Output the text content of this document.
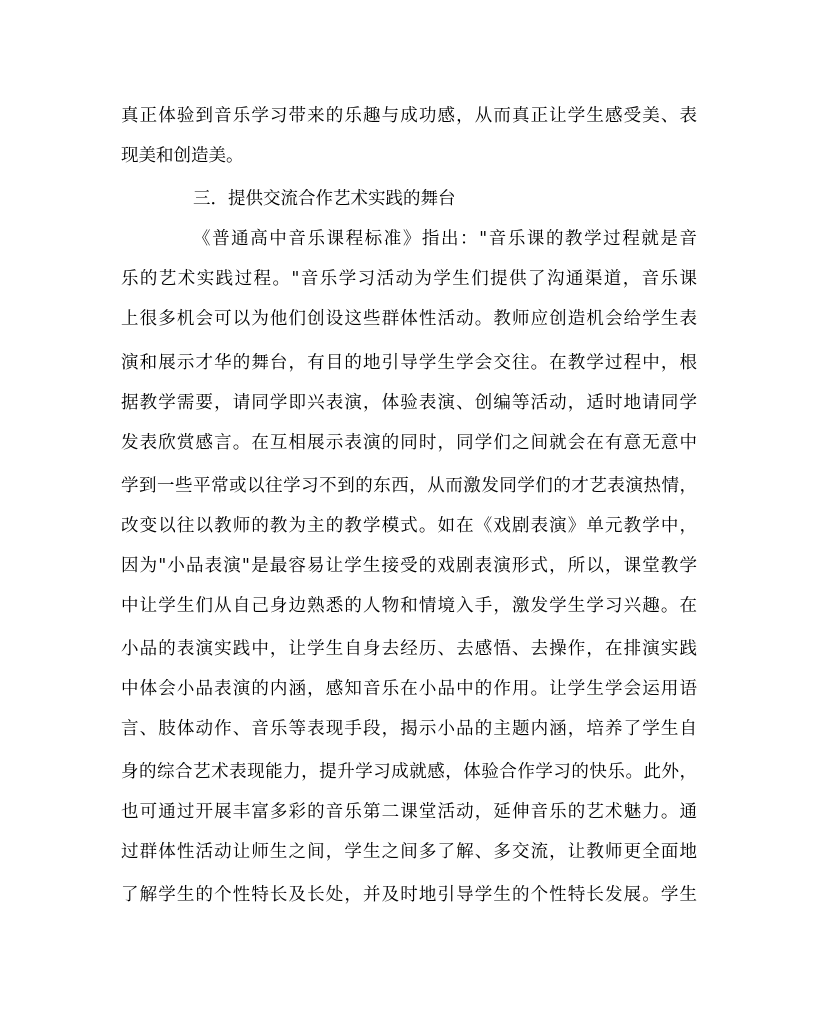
真正体验到音乐学习带来的乐趣与成功感，从而真正让学生感受美、表
现美和创造美。
三．提供交流合作艺术实践的舞台
《普通高中音乐课程标准》指出："音乐课的教学过程就是音
乐的艺术实践过程。"音乐学习活动为学生们提供了沟通渠道，音乐课
上很多机会可以为他们创设这些群体性活动。教师应创造机会给学生表
演和展示才华的舞台，有目的地引导学生学会交往。在教学过程中，根
据教学需要，请同学即兴表演，体验表演、创编等活动，适时地请同学
发表欣赏感言。在互相展示表演的同时，同学们之间就会在有意无意中
学到一些平常或以往学习不到的东西，从而激发同学们的才艺表演热情，
改变以往以教师的教为主的教学模式。如在《戏剧表演》单元教学中，
因为"小品表演"是最容易让学生接受的戏剧表演形式，所以，课堂教学
中让学生们从自己身边熟悉的人物和情境入手，激发学生学习兴趣。在
小品的表演实践中，让学生自身去经历、去感悟、去操作，在排演实践
中体会小品表演的内涵，感知音乐在小品中的作用。让学生学会运用语
言、肢体动作、音乐等表现手段，揭示小品的主题内涵，培养了学生自
身的综合艺术表现能力，提升学习成就感，体验合作学习的快乐。此外，
也可通过开展丰富多彩的音乐第二课堂活动，延伸音乐的艺术魅力。通
过群体性活动让师生之间，学生之间多了解、多交流，让教师更全面地
了解学生的个性特长及长处，并及时地引导学生的个性特长发展。学生
